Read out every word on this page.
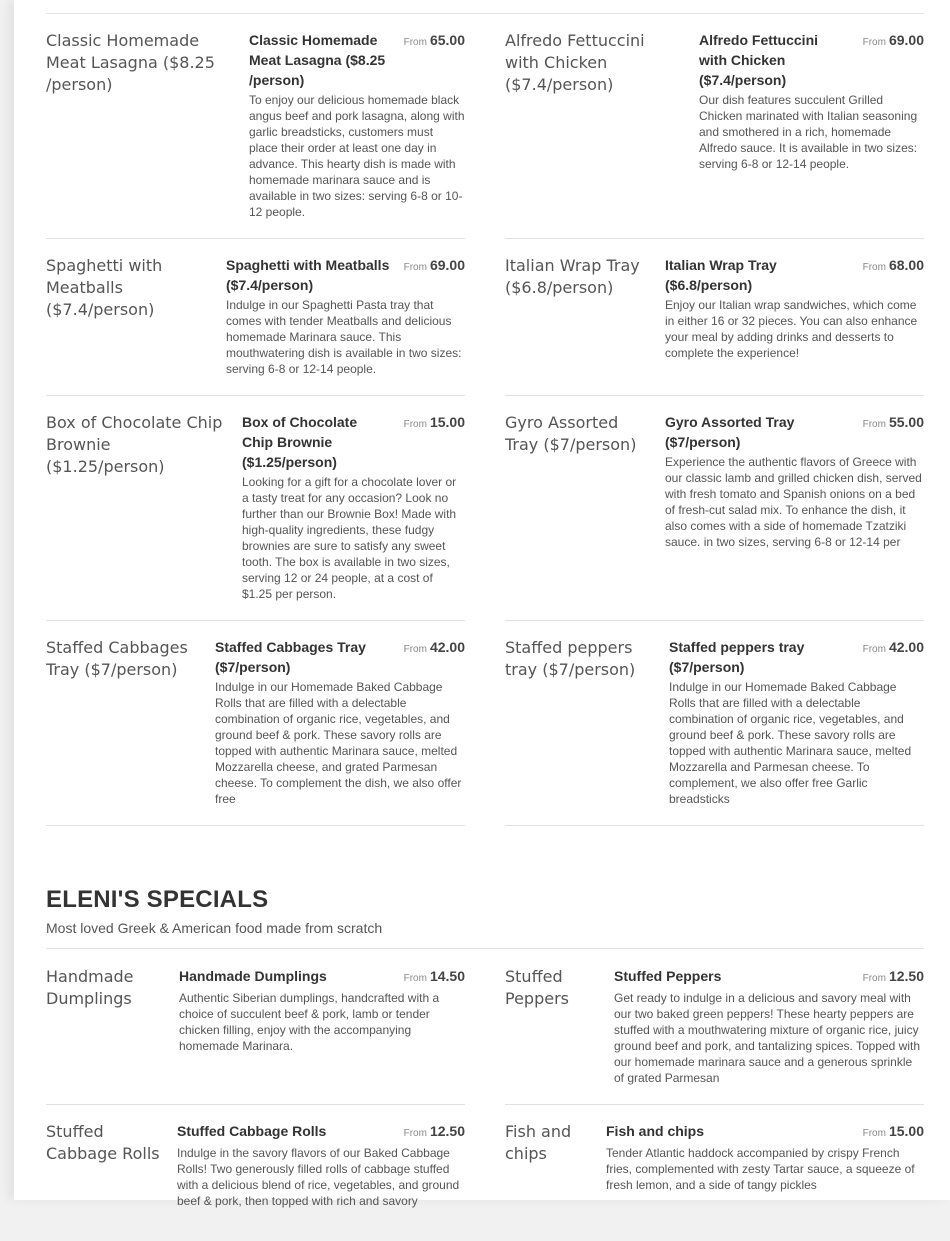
Classic Homemade Meat Lasagna ($8.25 /person)
Classic Homemade Meat Lasagna ($8.25 /person)
From 65.00
To enjoy our delicious homemade black angus beef and pork lasagna, along with garlic breadsticks, customers must place their order at least one day in advance. This hearty dish is made with homemade marinara sauce and is available in two sizes: serving 6-8 or 10-12 people.
Alfredo Fettuccini with Chicken ($7.4/person)
Alfredo Fettuccini with Chicken ($7.4/person)
From 69.00
Our dish features succulent Grilled Chicken marinated with Italian seasoning and smothered in a rich, homemade Alfredo sauce. It is available in two sizes: serving 6-8 or 12-14 people.
Spaghetti with Meatballs ($7.4/person)
Spaghetti with Meatballs ($7.4/person)
From 69.00
Indulge in our Spaghetti Pasta tray that comes with tender Meatballs and delicious homemade Marinara sauce. This mouthwatering dish is available in two sizes: serving 6-8 or 12-14 people.
Italian Wrap Tray ($6.8/person)
Italian Wrap Tray ($6.8/person)
From 68.00
Enjoy our Italian wrap sandwiches, which come in either 16 or 32 pieces. You can also enhance your meal by adding drinks and desserts to complete the experience!
Box of Chocolate Chip Brownie ($1.25/person)
Box of Chocolate Chip Brownie ($1.25/person)
From 15.00
Looking for a gift for a chocolate lover or a tasty treat for any occasion? Look no further than our Brownie Box! Made with high-quality ingredients, these fudgy brownies are sure to satisfy any sweet tooth. The box is available in two sizes, serving 12 or 24 people, at a cost of $1.25 per person.
Gyro Assorted Tray ($7/person)
Gyro Assorted Tray ($7/person)
From 55.00
Experience the authentic flavors of Greece with our classic lamb and grilled chicken dish, served with fresh tomato and Spanish onions on a bed of fresh-cut salad mix. To enhance the dish, it also comes with a side of homemade Tzatziki sauce. in two sizes, serving 6-8 or 12-14 per
Staffed Cabbages Tray ($7/person)
Staffed Cabbages Tray ($7/person)
From 42.00
Indulge in our Homemade Baked Cabbage Rolls that are filled with a delectable combination of organic rice, vegetables, and ground beef & pork. These savory rolls are topped with authentic Marinara sauce, melted Mozzarella cheese, and grated Parmesan cheese. To complement the dish, we also offer free
Staffed peppers tray ($7/person)
Staffed peppers tray ($7/person)
From 42.00
Indulge in our Homemade Baked Cabbage Rolls that are filled with a delectable combination of organic rice, vegetables, and ground beef & pork. These savory rolls are topped with authentic Marinara sauce, melted Mozzarella and Parmesan cheese. To complement, we also offer free Garlic breadsticks
ELENI'S SPECIALS
Most loved Greek & American food made from scratch
Handmade Dumplings
Handmade Dumplings	From 14.50
Authentic Siberian dumplings, handcrafted with a choice of succulent beef & pork, lamb or tender chicken filling, enjoy with the accompanying homemade Marinara.
Stuffed Peppers
Stuffed Peppers	From 12.50
Get ready to indulge in a delicious and savory meal with our two baked green peppers! These hearty peppers are stuffed with a mouthwatering mixture of organic rice, juicy ground beef and pork, and tantalizing spices. Topped with our homemade marinara sauce and a generous sprinkle of grated Parmesan
Stuffed Cabbage Rolls
Stuffed Cabbage Rolls	From 12.50
Indulge in the savory flavors of our Baked Cabbage Rolls! Two generously filled rolls of cabbage stuffed with a delicious blend of rice, vegetables, and ground beef & pork, then topped with rich and savory
Fish and chips
Fish and chips	From 15.00
Tender Atlantic haddock accompanied by crispy French fries, complemented with zesty Tartar sauce, a squeeze of fresh lemon, and a side of tangy pickles
